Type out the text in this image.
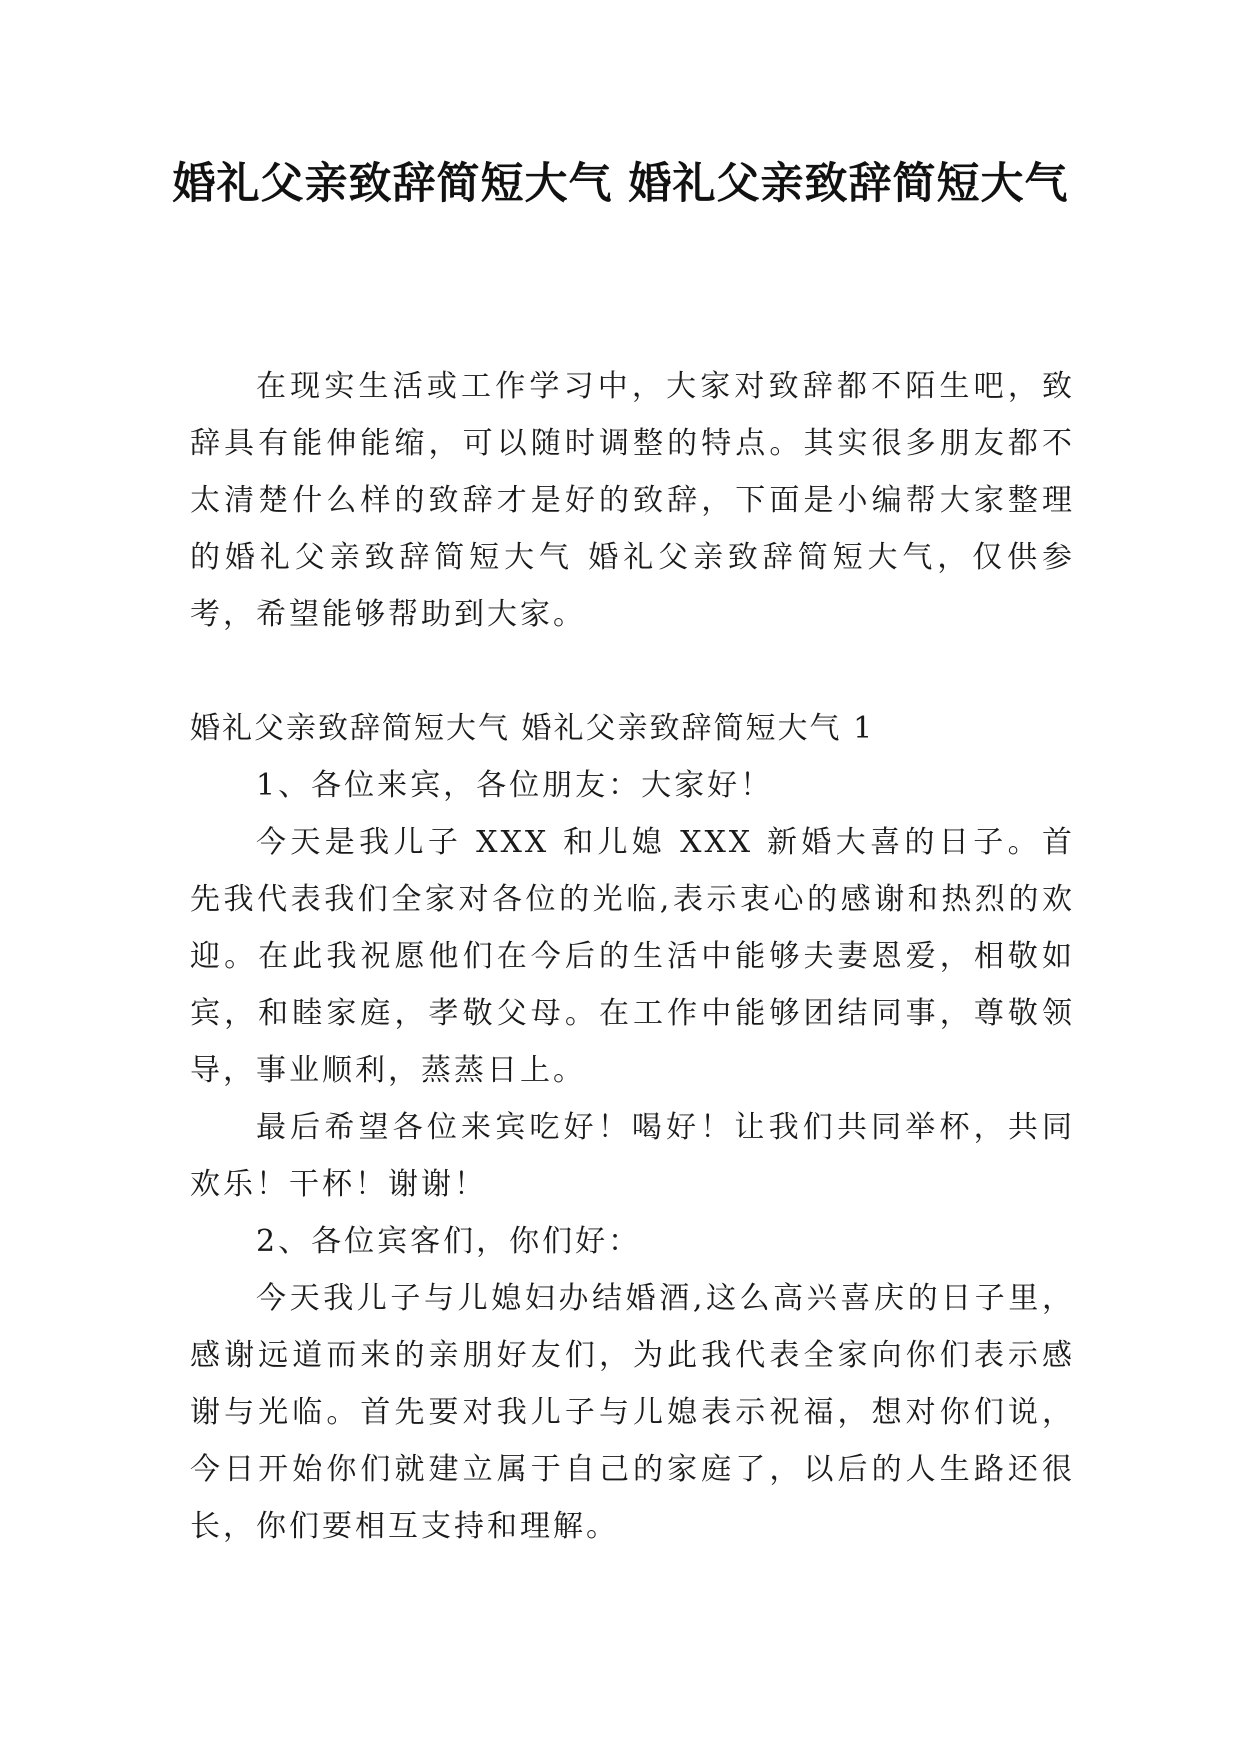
婚礼父亲致辞简短大气 婚礼父亲致辞简短大气

在现实生活或工作学习中，大家对致辞都不陌生吧，致辞具有能伸能缩，可以随时调整的特点。其实很多朋友都不太清楚什么样的致辞才是好的致辞，下面是小编帮大家整理的婚礼父亲致辞简短大气 婚礼父亲致辞简短大气，仅供参考，希望能够帮助到大家。

婚礼父亲致辞简短大气 婚礼父亲致辞简短大气 1

1、各位来宾，各位朋友：大家好！

今天是我儿子 XXX 和儿媳 XXX 新婚大喜的日子。首先我代表我们全家对各位的光临,表示衷心的感谢和热烈的欢迎。在此我祝愿他们在今后的生活中能够夫妻恩爱，相敬如宾，和睦家庭，孝敬父母。在工作中能够团结同事，尊敬领导，事业顺利，蒸蒸日上。

最后希望各位来宾吃好！喝好！让我们共同举杯，共同欢乐！干杯！谢谢！

2、各位宾客们，你们好：

今天我儿子与儿媳妇办结婚酒,这么高兴喜庆的日子里，感谢远道而来的亲朋好友们，为此我代表全家向你们表示感谢与光临。首先要对我儿子与儿媳表示祝福，想对你们说，今日开始你们就建立属于自己的家庭了，以后的人生路还很长，你们要相互支持和理解。
